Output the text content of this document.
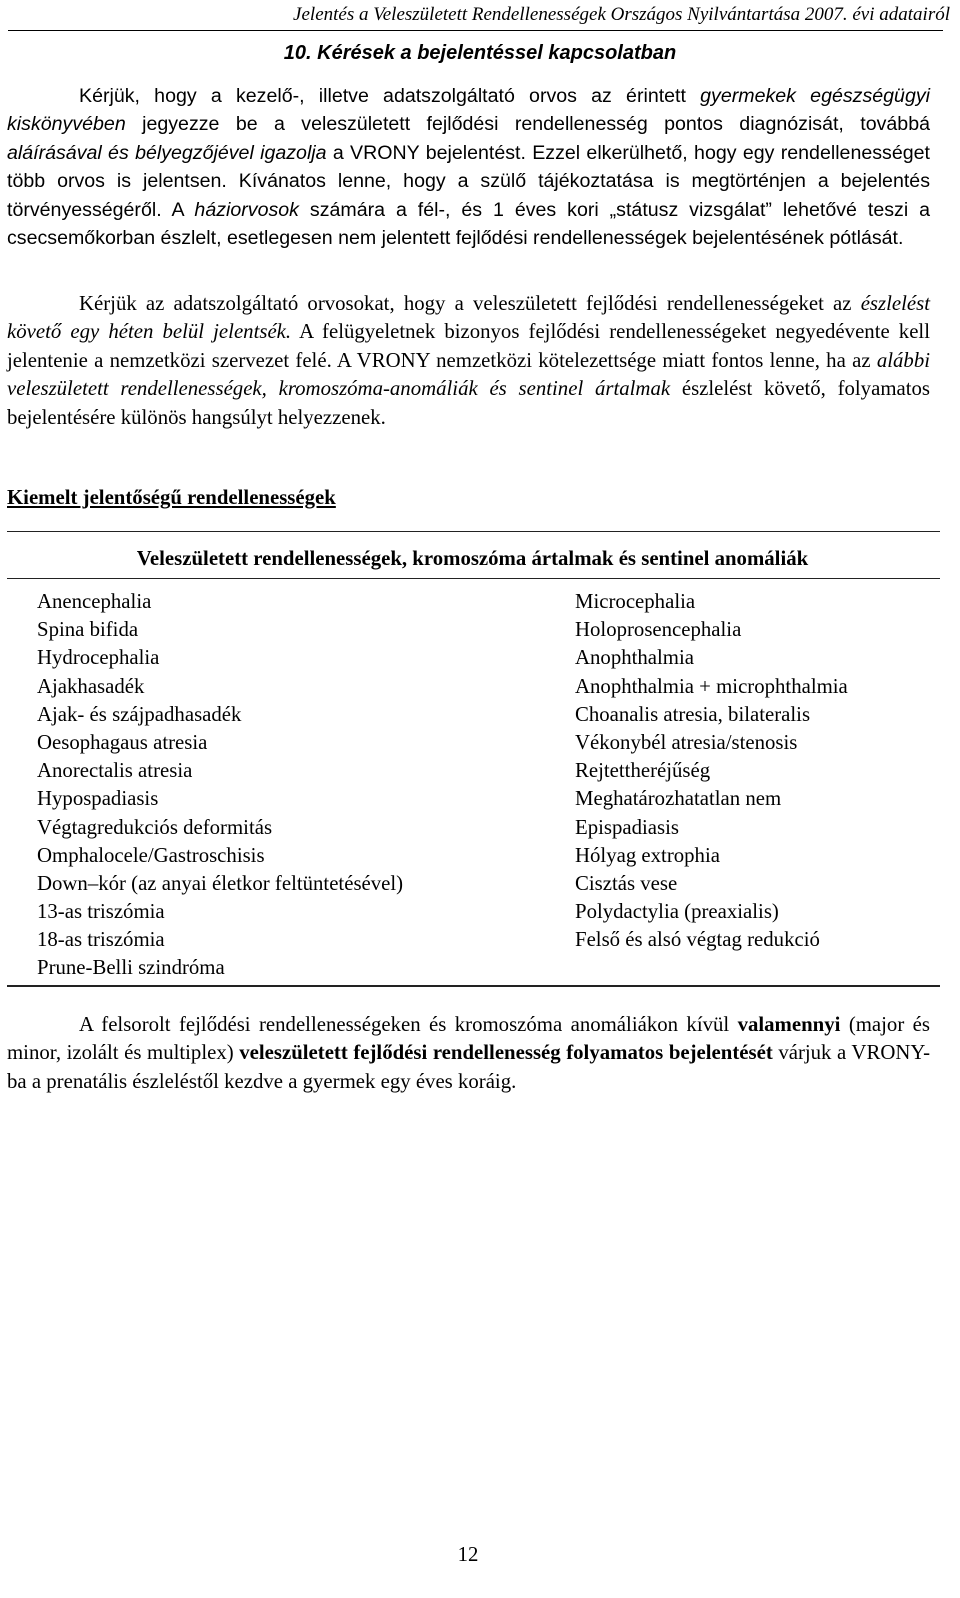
Jelentés a Veleszületett Rendellenességek Országos Nyilvántartása 2007. évi adatairól
10. Kérések a bejelentéssel kapcsolatban

Kérjük, hogy a kezelő-, illetve adatszolgáltató orvos az érintett gyermekek egészségügyi kiskönyvében jegyezze be a veleszületett fejlődési rendellenesség pontos diagnózisát, továbbá aláírásával és bélyegzőjével igazolja a VRONY bejelentést. Ezzel elkerülhető, hogy egy rendellenességet több orvos is jelentsen. Kívánatos lenne, hogy a szülő tájékoztatása is megtörténjen a bejelentés törvényességéről. A háziorvosok számára a fél-, és 1 éves kori „státusz vizsgálat” lehetővé teszi a csecsemőkorban észlelt, esetlegesen nem jelentett fejlődési rendellenességek bejelentésének pótlását.

Kérjük az adatszolgáltató orvosokat, hogy a veleszületett fejlődési rendellenességeket az észlelést követő egy héten belül jelentsék. A felügyeletnek bizonyos fejlődési rendellenességeket negyedévente kell jelentenie a nemzetközi szervezet felé. A VRONY nemzetközi kötelezettsége miatt fontos lenne, ha az alábbi veleszületett rendellenességek, kromoszóma-anomáliák és sentinel ártalmak észlelést követő, folyamatos bejelentésére különös hangsúlyt helyezzenek.

Kiemelt jelentőségű rendellenességek
Veleszületett rendellenességek, kromoszóma ártalmak és sentinel anomáliák
Anencephalia
Spina bifida
Hydrocephalia
Ajakhasadék
Ajak- és szájpadhasadék
Oesophagaus atresia
Anorectalis atresia
Hypospadiasis
Végtagredukciós deformitás
Omphalocele/Gastroschisis
Down–kór (az anyai életkor feltüntetésével)
13-as triszómia
18-as triszómia
Prune-Belli szindróma
Microcephalia
Holoprosencephalia
Anophthalmia
Anophthalmia + microphthalmia
Choanalis atresia, bilateralis
Vékonybél atresia/stenosis
Rejtettheréjűség
Meghatározhatatlan nem
Epispadiasis
Hólyag extrophia
Cisztás vese
Polydactylia (preaxialis)
Felső és alsó végtag redukció

A felsorolt fejlődési rendellenességeken és kromoszóma anomáliákon kívül valamennyi (major és minor, izolált és multiplex) veleszületett fejlődési rendellenesség folyamatos bejelentését várjuk a VRONY-ba a prenatális észleléstől kezdve a gyermek egy éves koráig.

12
